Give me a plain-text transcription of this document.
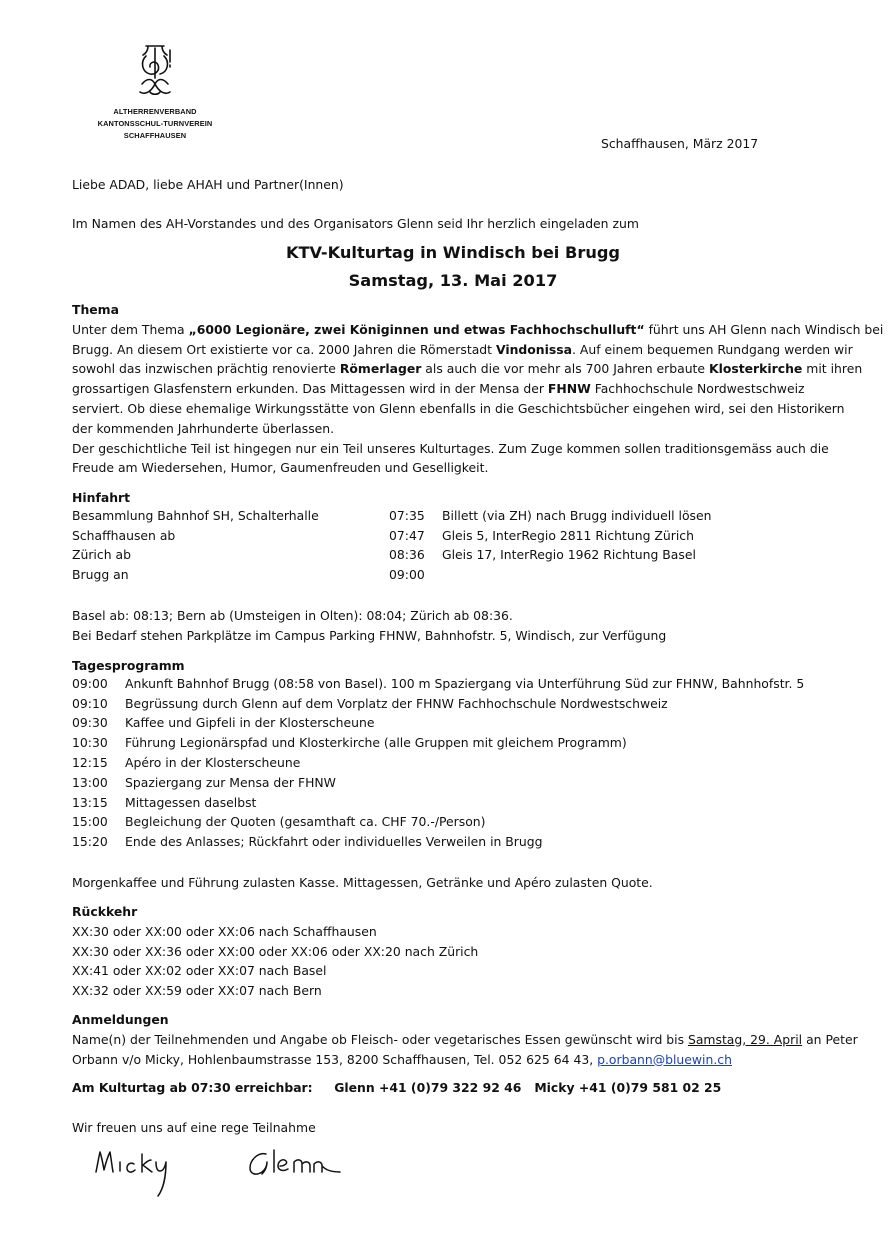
ALTHERRENVERBAND
KANTONSSCHUL-TURNVEREIN
SCHAFFHAUSEN
Schaffhausen, März 2017
Liebe ADAD, liebe AHAH und Partner(Innen)
Im Namen des AH-Vorstandes und des Organisators Glenn seid Ihr herzlich eingeladen zum
KTV-Kulturtag in Windisch bei Brugg
Samstag, 13. Mai 2017
Thema
Unter dem Thema „6000 Legionäre, zwei Königinnen und etwas Fachhochschulluft“ führt uns AH Glenn nach Windisch bei
Brugg. An diesem Ort existierte vor ca. 2000 Jahren die Römerstadt Vindonissa. Auf einem bequemen Rundgang werden wir
sowohl das inzwischen prächtig renovierte Römerlager als auch die vor mehr als 700 Jahren erbaute Klosterkirche mit ihren
grossartigen Glasfenstern erkunden. Das Mittagessen wird in der Mensa der FHNW Fachhochschule Nordwestschweiz
serviert. Ob diese ehemalige Wirkungsstätte von Glenn ebenfalls in die Geschichtsbücher eingehen wird, sei den Historikern
der kommenden Jahrhunderte überlassen.
Der geschichtliche Teil ist hingegen nur ein Teil unseres Kulturtages. Zum Zuge kommen sollen traditionsgemäss auch die
Freude am Wiedersehen, Humor, Gaumenfreuden und Geselligkeit.
Hinfahrt
Besammlung Bahnhof SH, Schalterhalle	07:35	Billett (via ZH) nach Brugg individuell lösen
Schaffhausen ab	07:47	Gleis 5, InterRegio 2811 Richtung Zürich
Zürich ab	08:36	Gleis 17, InterRegio 1962 Richtung Basel
Brugg an	09:00	
Basel ab: 08:13; Bern ab (Umsteigen in Olten): 08:04; Zürich ab 08:36.
Bei Bedarf stehen Parkplätze im Campus Parking FHNW, Bahnhofstr. 5, Windisch, zur Verfügung
Tagesprogramm
09:00	Ankunft Bahnhof Brugg (08:58 von Basel). 100 m Spaziergang via Unterführung Süd zur FHNW, Bahnhofstr. 5
09:10	Begrüssung durch Glenn auf dem Vorplatz der FHNW Fachhochschule Nordwestschweiz
09:30	Kaffee und Gipfeli in der Klosterscheune
10:30	Führung Legionärspfad und Klosterkirche (alle Gruppen mit gleichem Programm)
12:15	Apéro in der Klosterscheune
13:00	Spaziergang zur Mensa der FHNW
13:15	Mittagessen daselbst
15:00	Begleichung der Quoten (gesamthaft ca. CHF 70.-/Person)
15:20	Ende des Anlasses; Rückfahrt oder individuelles Verweilen in Brugg
Morgenkaffee und Führung zulasten Kasse. Mittagessen, Getränke und Apéro zulasten Quote.
Rückkehr
XX:30 oder XX:00 oder XX:06 nach Schaffhausen
XX:30 oder XX:36 oder XX:00 oder XX:06 oder XX:20 nach Zürich
XX:41 oder XX:02 oder XX:07 nach Basel
XX:32 oder XX:59 oder XX:07 nach Bern
Anmeldungen
Name(n) der Teilnehmenden und Angabe ob Fleisch- oder vegetarisches Essen gewünscht wird bis Samstag, 29. April an Peter
Orbann v/o Micky, Hohlenbaumstrasse 153, 8200 Schaffhausen, Tel. 052 625 64 43, p.orbann@bluewin.ch
Am Kulturtag ab 07:30 erreichbar:     Glenn +41 (0)79 322 92 46   Micky +41 (0)79 581 02 25
Wir freuen uns auf eine rege Teilnahme
